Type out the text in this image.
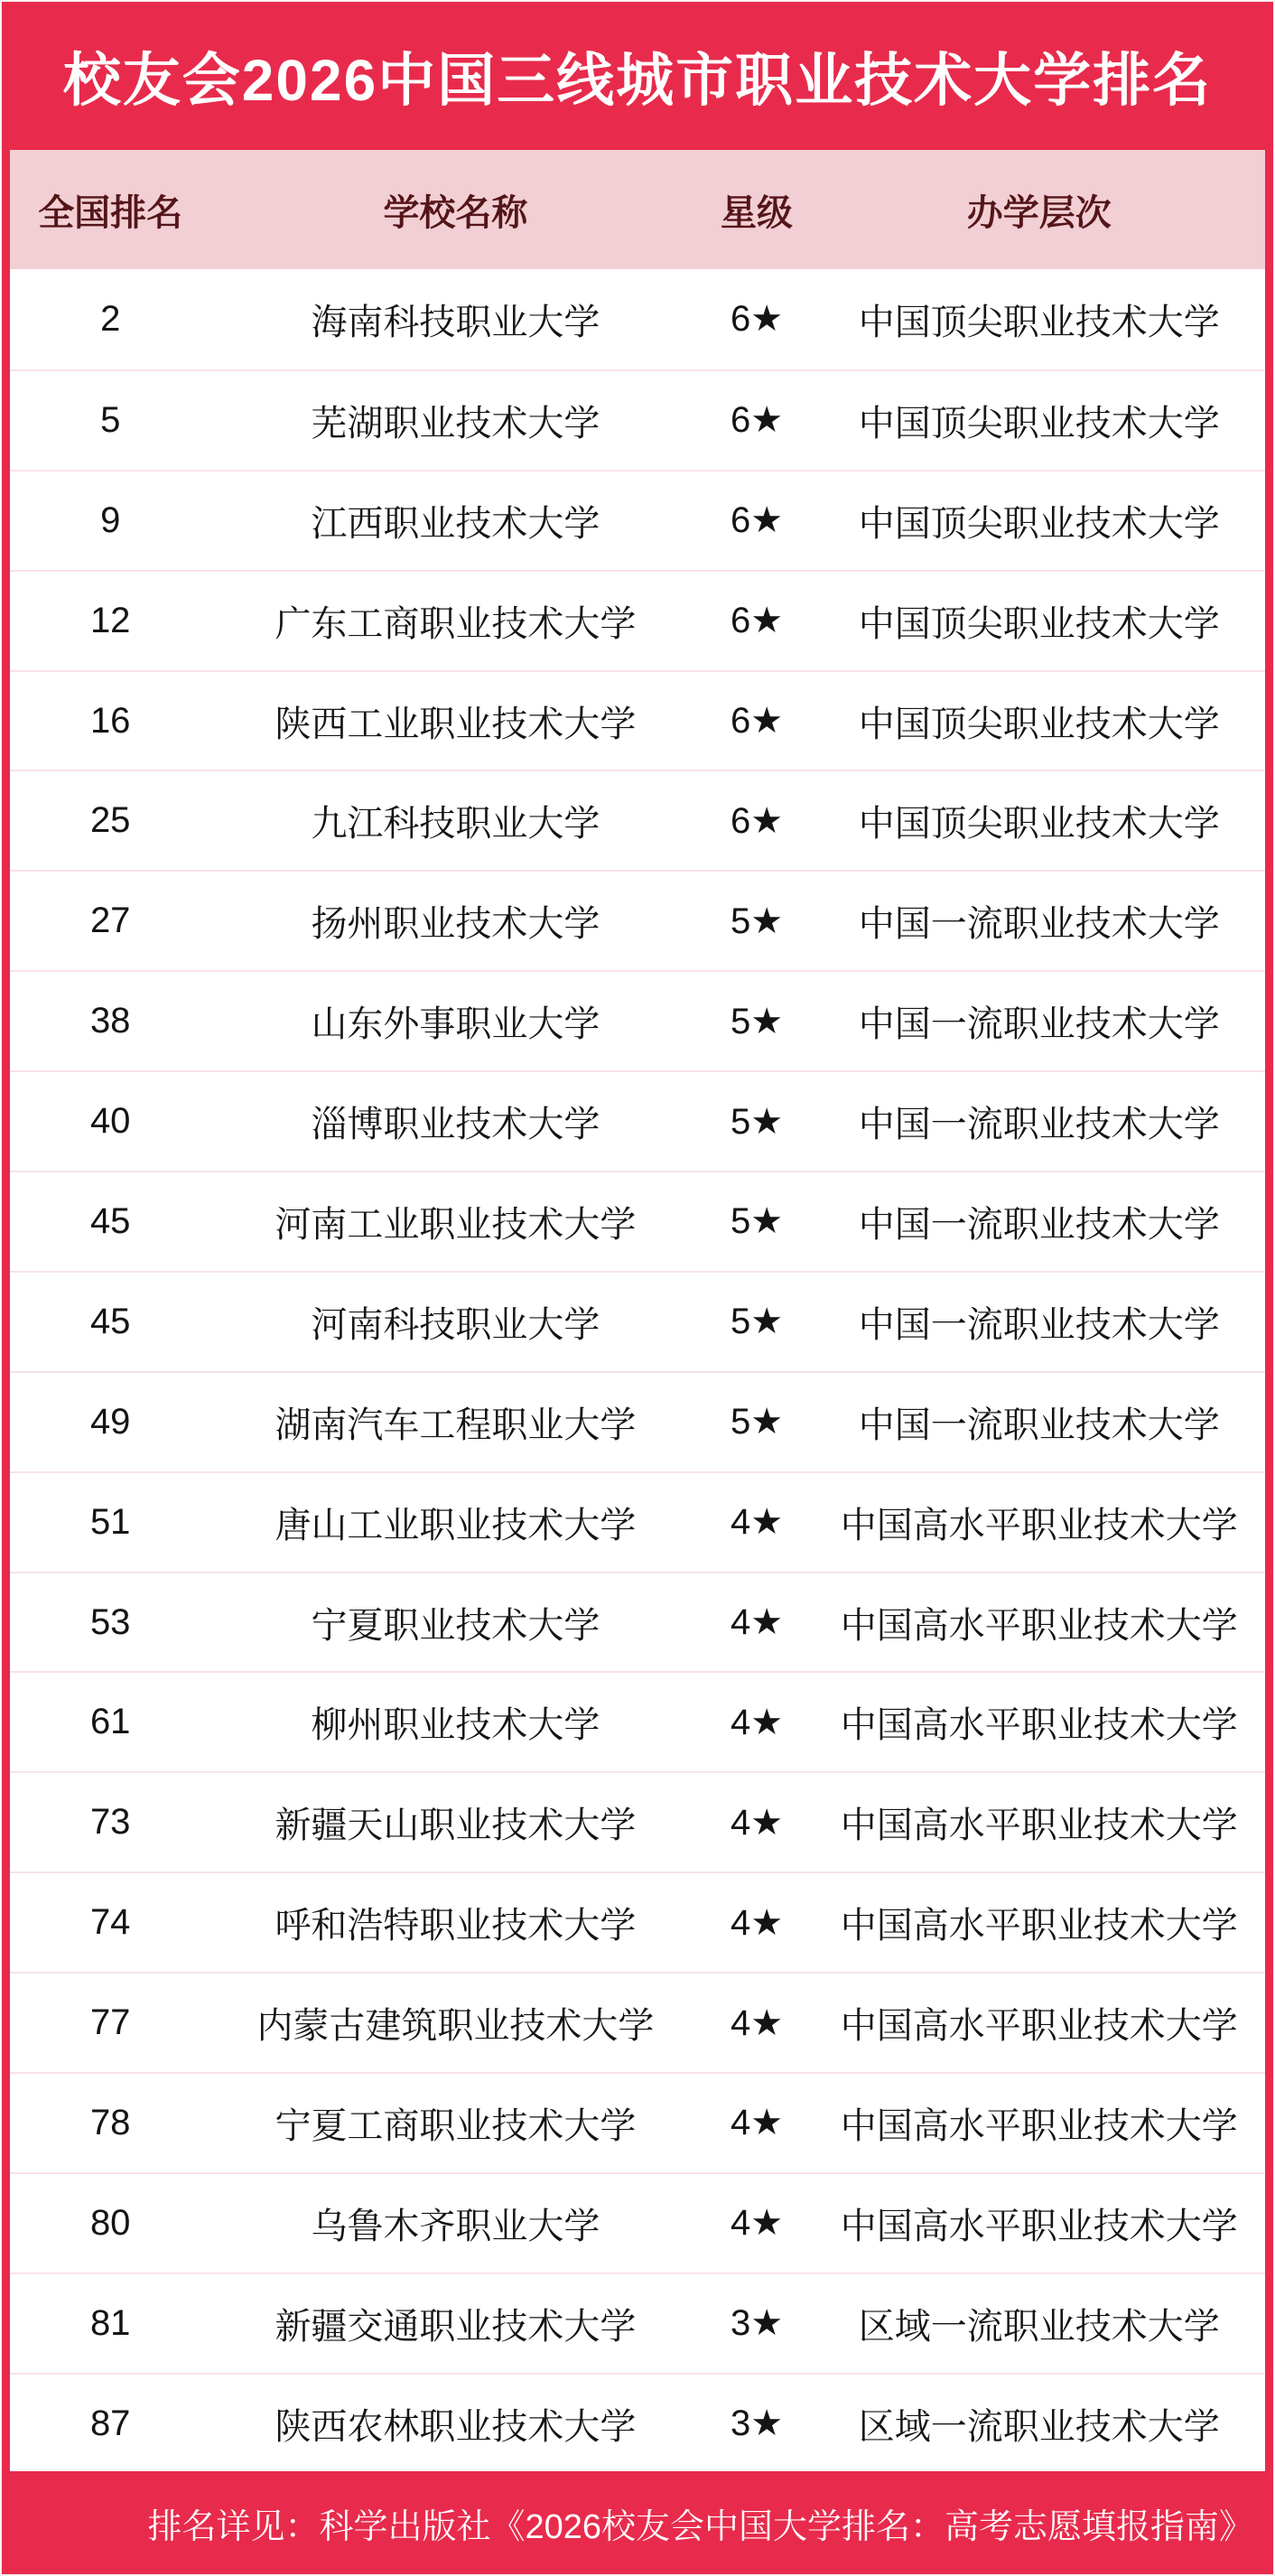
校友会2026中国三线城市职业技术大学排名
全国排名	学校名称	星级	办学层次
2	海南科技职业大学	6★	中国顶尖职业技术大学
5	芜湖职业技术大学	6★	中国顶尖职业技术大学
9	江西职业技术大学	6★	中国顶尖职业技术大学
12	广东工商职业技术大学	6★	中国顶尖职业技术大学
16	陕西工业职业技术大学	6★	中国顶尖职业技术大学
25	九江科技职业大学	6★	中国顶尖职业技术大学
27	扬州职业技术大学	5★	中国一流职业技术大学
38	山东外事职业大学	5★	中国一流职业技术大学
40	淄博职业技术大学	5★	中国一流职业技术大学
45	河南工业职业技术大学	5★	中国一流职业技术大学
45	河南科技职业大学	5★	中国一流职业技术大学
49	湖南汽车工程职业大学	5★	中国一流职业技术大学
51	唐山工业职业技术大学	4★	中国高水平职业技术大学
53	宁夏职业技术大学	4★	中国高水平职业技术大学
61	柳州职业技术大学	4★	中国高水平职业技术大学
73	新疆天山职业技术大学	4★	中国高水平职业技术大学
74	呼和浩特职业技术大学	4★	中国高水平职业技术大学
77	内蒙古建筑职业技术大学	4★	中国高水平职业技术大学
78	宁夏工商职业技术大学	4★	中国高水平职业技术大学
80	乌鲁木齐职业大学	4★	中国高水平职业技术大学
81	新疆交通职业技术大学	3★	区域一流职业技术大学
87	陕西农林职业技术大学	3★	区域一流职业技术大学
排名详见：科学出版社《2026校友会中国大学排名：高考志愿填报指南》
